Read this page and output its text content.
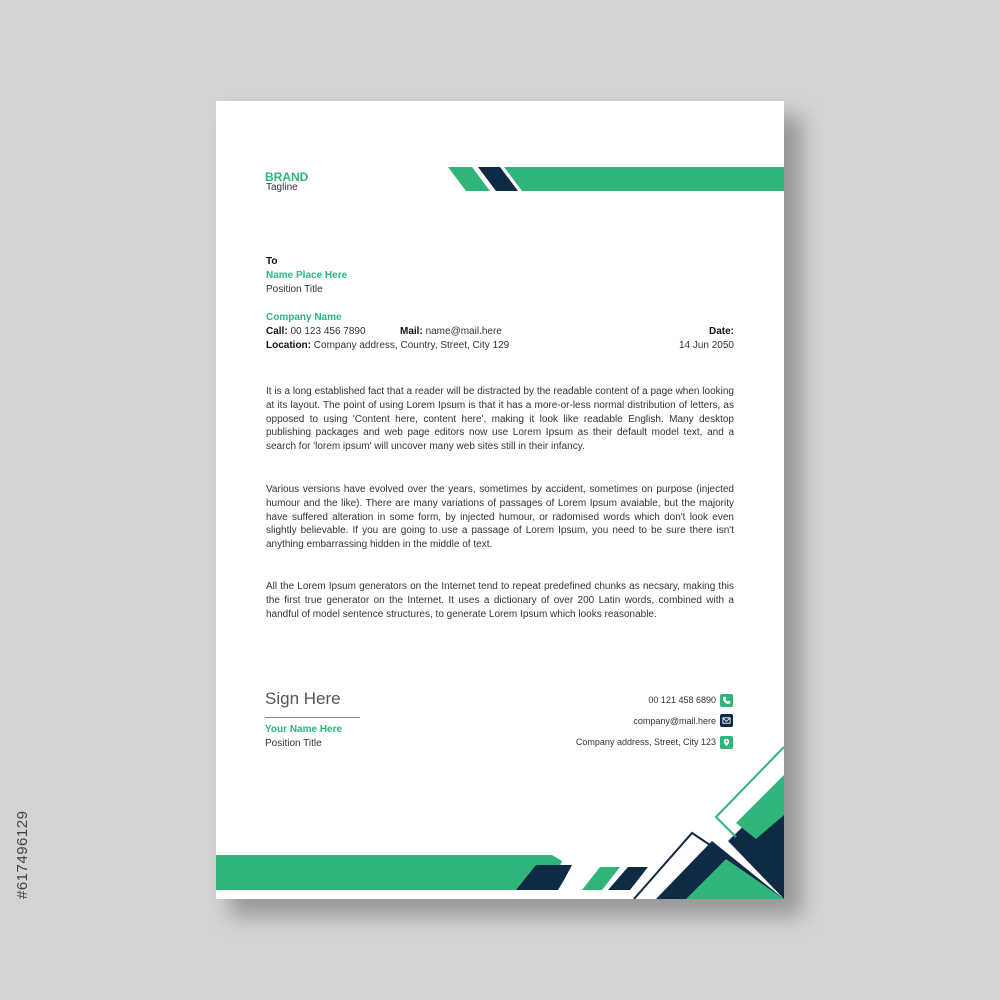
BRAND

Tagline
To
Name Place Here
Position Title
Company Name
Call: 00 123 456 7890	Mail: name@mail.here
Location: Company address, Country, Street, City 129
Date:
14 Jun 2050

It is a long established fact that a reader will be distracted by the readable content of a page when looking at its layout. The point of using Lorem Ipsum is that it has a more-or-less normal distribution of letters, as opposed to using 'Content here, content here', making it look like readable English. Many desktop publishing packages and web page editors now use Lorem Ipsum as their default model text, and a search for 'lorem ipsum' will uncover many web sites still in their infancy.

Various versions have evolved over the years, sometimes by accident, sometimes on purpose (injected humour and the like). There are many variations of passages of Lorem Ipsum avaiable, but the majority have suffered alteration in some form, by injected humour, or radomised words which don't look even slightly believable. If you are going to use a passage of Lorem Ipsum, you need to be sure there isn't anything embarrassing hidden in the middle of text.

All the Lorem Ipsum generators on the Internet tend to repeat predefined chunks as necsary, making this the first true generator on the Internet. It uses a dictionary of over 200 Latin words, combined with a handful of model sentence structures, to generate Lorem Ipsum which looks reasonable.

Sign Here
Your Name Here
Position Title
00 121 458 6890
company@mail.here
Company address, Street, City 123
#617496129
